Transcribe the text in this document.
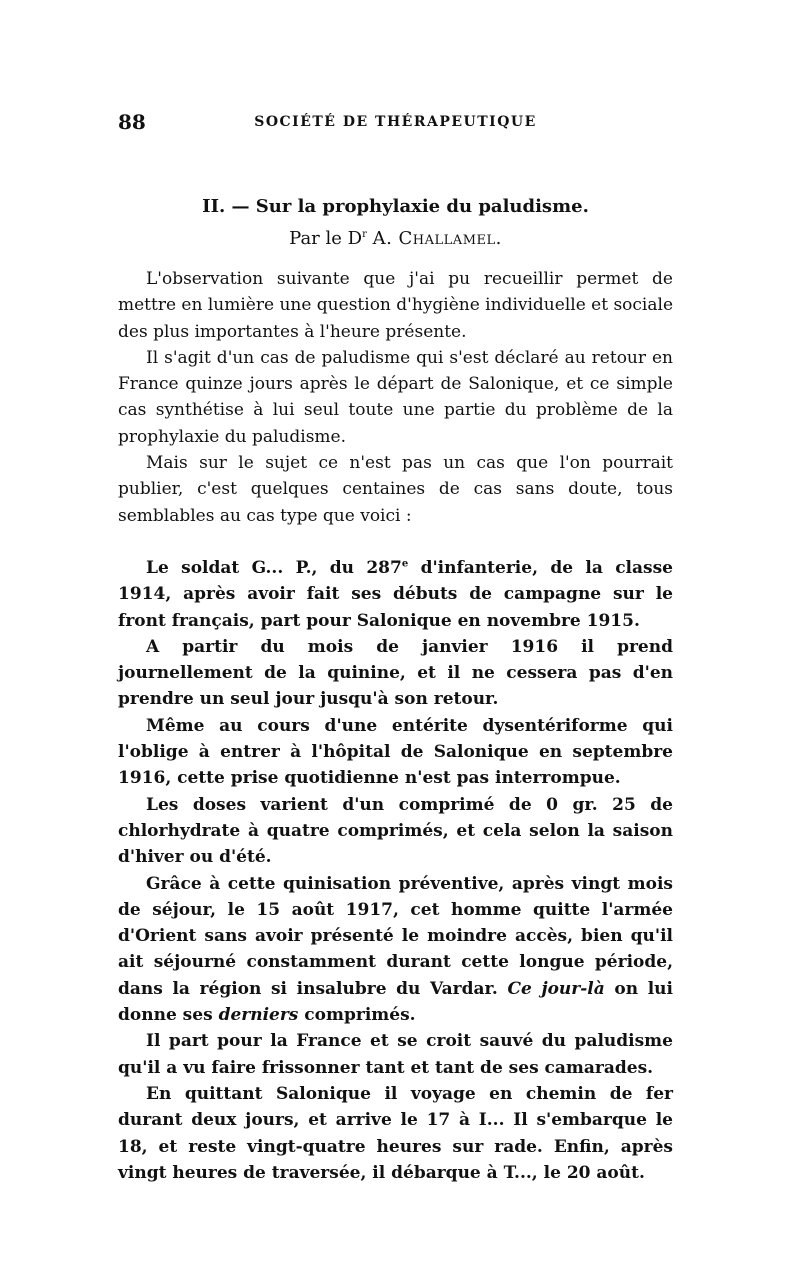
88	SOCIÉTÉ DE THÉRAPEUTIQUE
II. — Sur la prophylaxie du paludisme.
Par le $D^r$ A. Challamel.

L'observation suivante que j'ai pu recueillir permet de mettre en lumière une question d'hygiène individuelle et sociale des plus importantes à l'heure présente.

Il s'agit d'un cas de paludisme qui s'est déclaré au retour en France quinze jours après le départ de Salonique, et ce simple cas synthétise à lui seul toute une partie du problème de la prophylaxie du paludisme.

Mais sur le sujet ce n'est pas un cas que l'on pourrait publier, c'est quelques centaines de cas sans doute, tous semblables au cas type que voici :

Le soldat G... P., du 287e d'infanterie, de la classe 1914, après avoir fait ses débuts de campagne sur le front français, part pour Salonique en novembre 1915.

A partir du mois de janvier 1916 il prend journellement de la quinine, et il ne cessera pas d'en prendre un seul jour jusqu'à son retour.

Même au cours d'une entérite dysentériforme qui l'oblige à entrer à l'hôpital de Salonique en septembre 1916, cette prise quotidienne n'est pas interrompue.

Les doses varient d'un comprimé de 0 gr. 25 de chlorhydrate à quatre comprimés, et cela selon la saison d'hiver ou d'été.

Grâce à cette quinisation préventive, après vingt mois de séjour, le 15 août 1917, cet homme quitte l'armée d'Orient sans avoir présenté le moindre accès, bien qu'il ait séjourné constamment durant cette longue période, dans la région si insalubre du Vardar. Ce jour-là on lui donne ses derniers comprimés.

Il part pour la France et se croit sauvé du paludisme qu'il a vu faire frissonner tant et tant de ses camarades.

En quittant Salonique il voyage en chemin de fer durant deux jours, et arrive le 17 à I... Il s'embarque le 18, et reste vingt-quatre heures sur rade. Enfin, après vingt heures de traversée, il débarque à T..., le 20 août.
